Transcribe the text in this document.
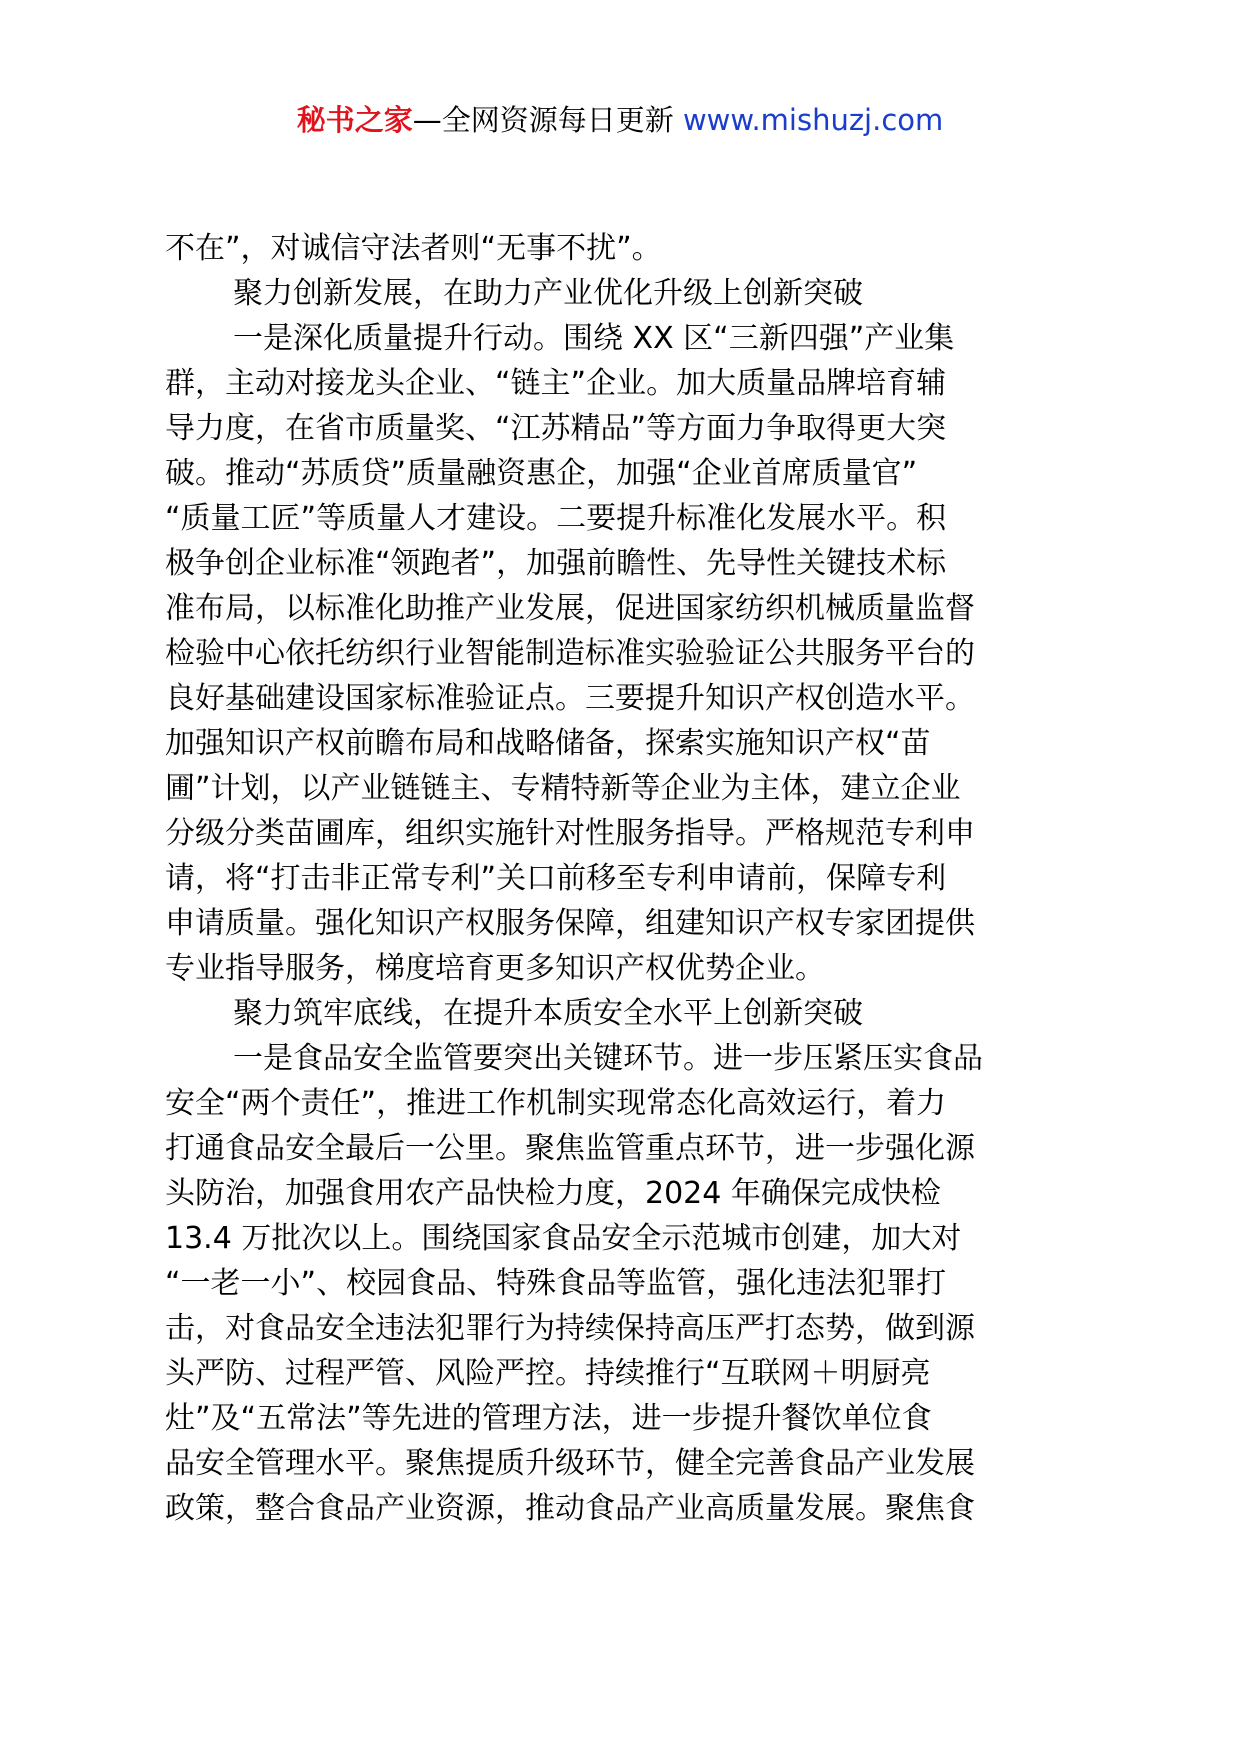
秘书之家—全网资源每日更新 www.mishuzj.com
不在”，对诚信守法者则“无事不扰”。
聚力创新发展，在助力产业优化升级上创新突破
一是深化质量提升行动。围绕 XX 区“三新四强”产业集
群，主动对接龙头企业、“链主”企业。加大质量品牌培育辅
导力度，在省市质量奖、“江苏精品”等方面力争取得更大突
破。推动“苏质贷”质量融资惠企，加强“企业首席质量官”
“质量工匠”等质量人才建设。二要提升标准化发展水平。积
极争创企业标准“领跑者”，加强前瞻性、先导性关键技术标
准布局，以标准化助推产业发展，促进国家纺织机械质量监督
检验中心依托纺织行业智能制造标准实验验证公共服务平台的
良好基础建设国家标准验证点。三要提升知识产权创造水平。
加强知识产权前瞻布局和战略储备，探索实施知识产权“苗
圃”计划，以产业链链主、专精特新等企业为主体，建立企业
分级分类苗圃库，组织实施针对性服务指导。严格规范专利申
请，将“打击非正常专利”关口前移至专利申请前，保障专利
申请质量。强化知识产权服务保障，组建知识产权专家团提供
专业指导服务，梯度培育更多知识产权优势企业。
聚力筑牢底线，在提升本质安全水平上创新突破
一是食品安全监管要突出关键环节。进一步压紧压实食品
安全“两个责任”，推进工作机制实现常态化高效运行，着力
打通食品安全最后一公里。聚焦监管重点环节，进一步强化源
头防治，加强食用农产品快检力度，2024 年确保完成快检
13.4 万批次以上。围绕国家食品安全示范城市创建，加大对
“一老一小”、校园食品、特殊食品等监管，强化违法犯罪打
击，对食品安全违法犯罪行为持续保持高压严打态势，做到源
头严防、过程严管、风险严控。持续推行“互联网＋明厨亮
灶”及“五常法”等先进的管理方法，进一步提升餐饮单位食
品安全管理水平。聚焦提质升级环节，健全完善食品产业发展
政策，整合食品产业资源，推动食品产业高质量发展。聚焦食
